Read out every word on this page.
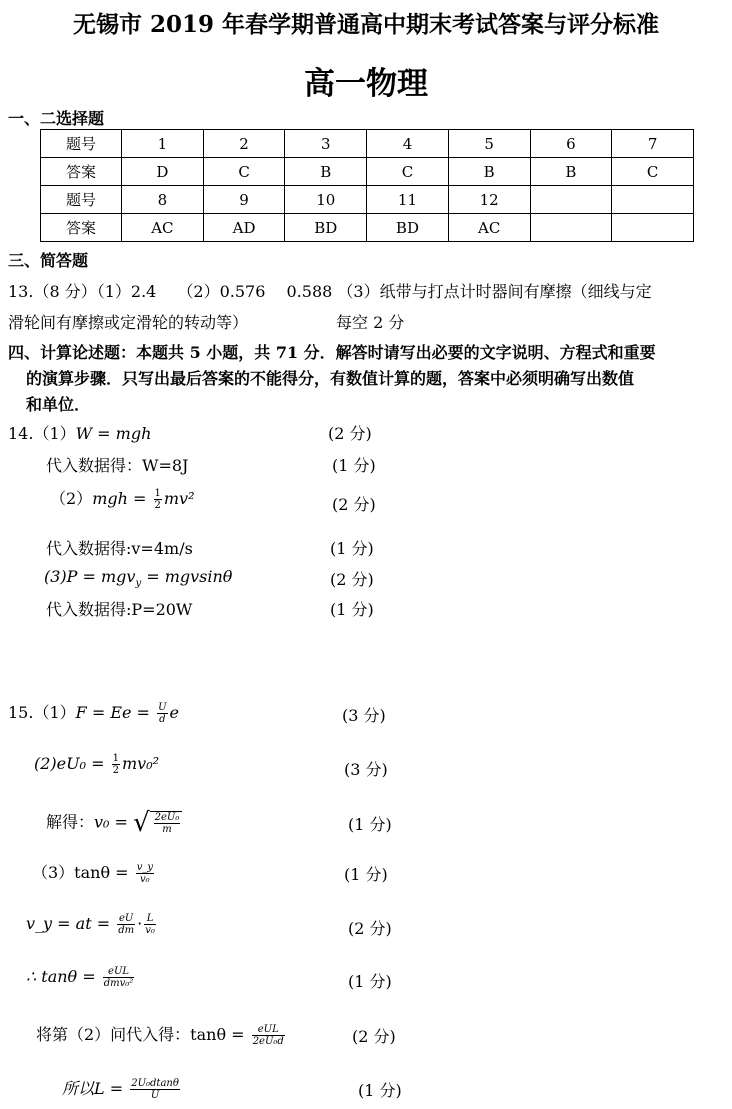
无锡市 2019 年春学期普通高中期末考试答案与评分标准
高一物理
一、二选择题
题号	1	2	3	4	5	6	7
答案	D	C	B	C	B	B	C
题号	8	9	10	11	12		
答案	AC	AD	BD	BD	AC		
三、简答题
13.（8 分）（1）2.4　 （2）0.576　 0.588 （3）纸带与打点计时器间有摩擦（细线与定
滑轮间有摩擦或定滑轮的转动等）	每空 2 分
四、计算论述题：本题共 5 小题，共 71 分．解答时请写出必要的文字说明、方程式和重要
的演算步骤．只写出最后答案的不能得分，有数值计算的题，答案中必须明确写出数值
和单位．
14.（1）W = mgh	(2 分)
代入数据得：W=8J	(1 分)
$(2)mgh = \frac{1}{2} mv^2$	(2 分)
代入数据得:v=4m/s	(1 分)
(3)P = mgv$_y$ = mgvsinθ	(2 分)
代入数据得:P=20W	(1 分)
$15.(1)F = Ee = \frac{U}{d}$ e	(3 分)
$(2)eU_0 = \frac{1}{2} mv_0^2$	(3 分)
解得：v₀ = √ $\frac{\text{2eU₀}}{m}$	(1 分)
$(3)\tan\theta = \frac{v\_y}{\text{v₀}}$	(1 分)
v_y = at = $\frac{eU}{dm} \cdot \frac{L}{\text{v₀}}$	(2 分)
∴ $\tan\theta = \frac{\text{eUL}}{\text{dmv₀²}}$	(1 分)
将第（2）问代入得：$\tan\theta = \frac{\text{eUL}}{\text{2eU₀d}}$	(2 分)
所以$L = \frac{\text{2U₀dtanθ}}{U}$	(1 分)
